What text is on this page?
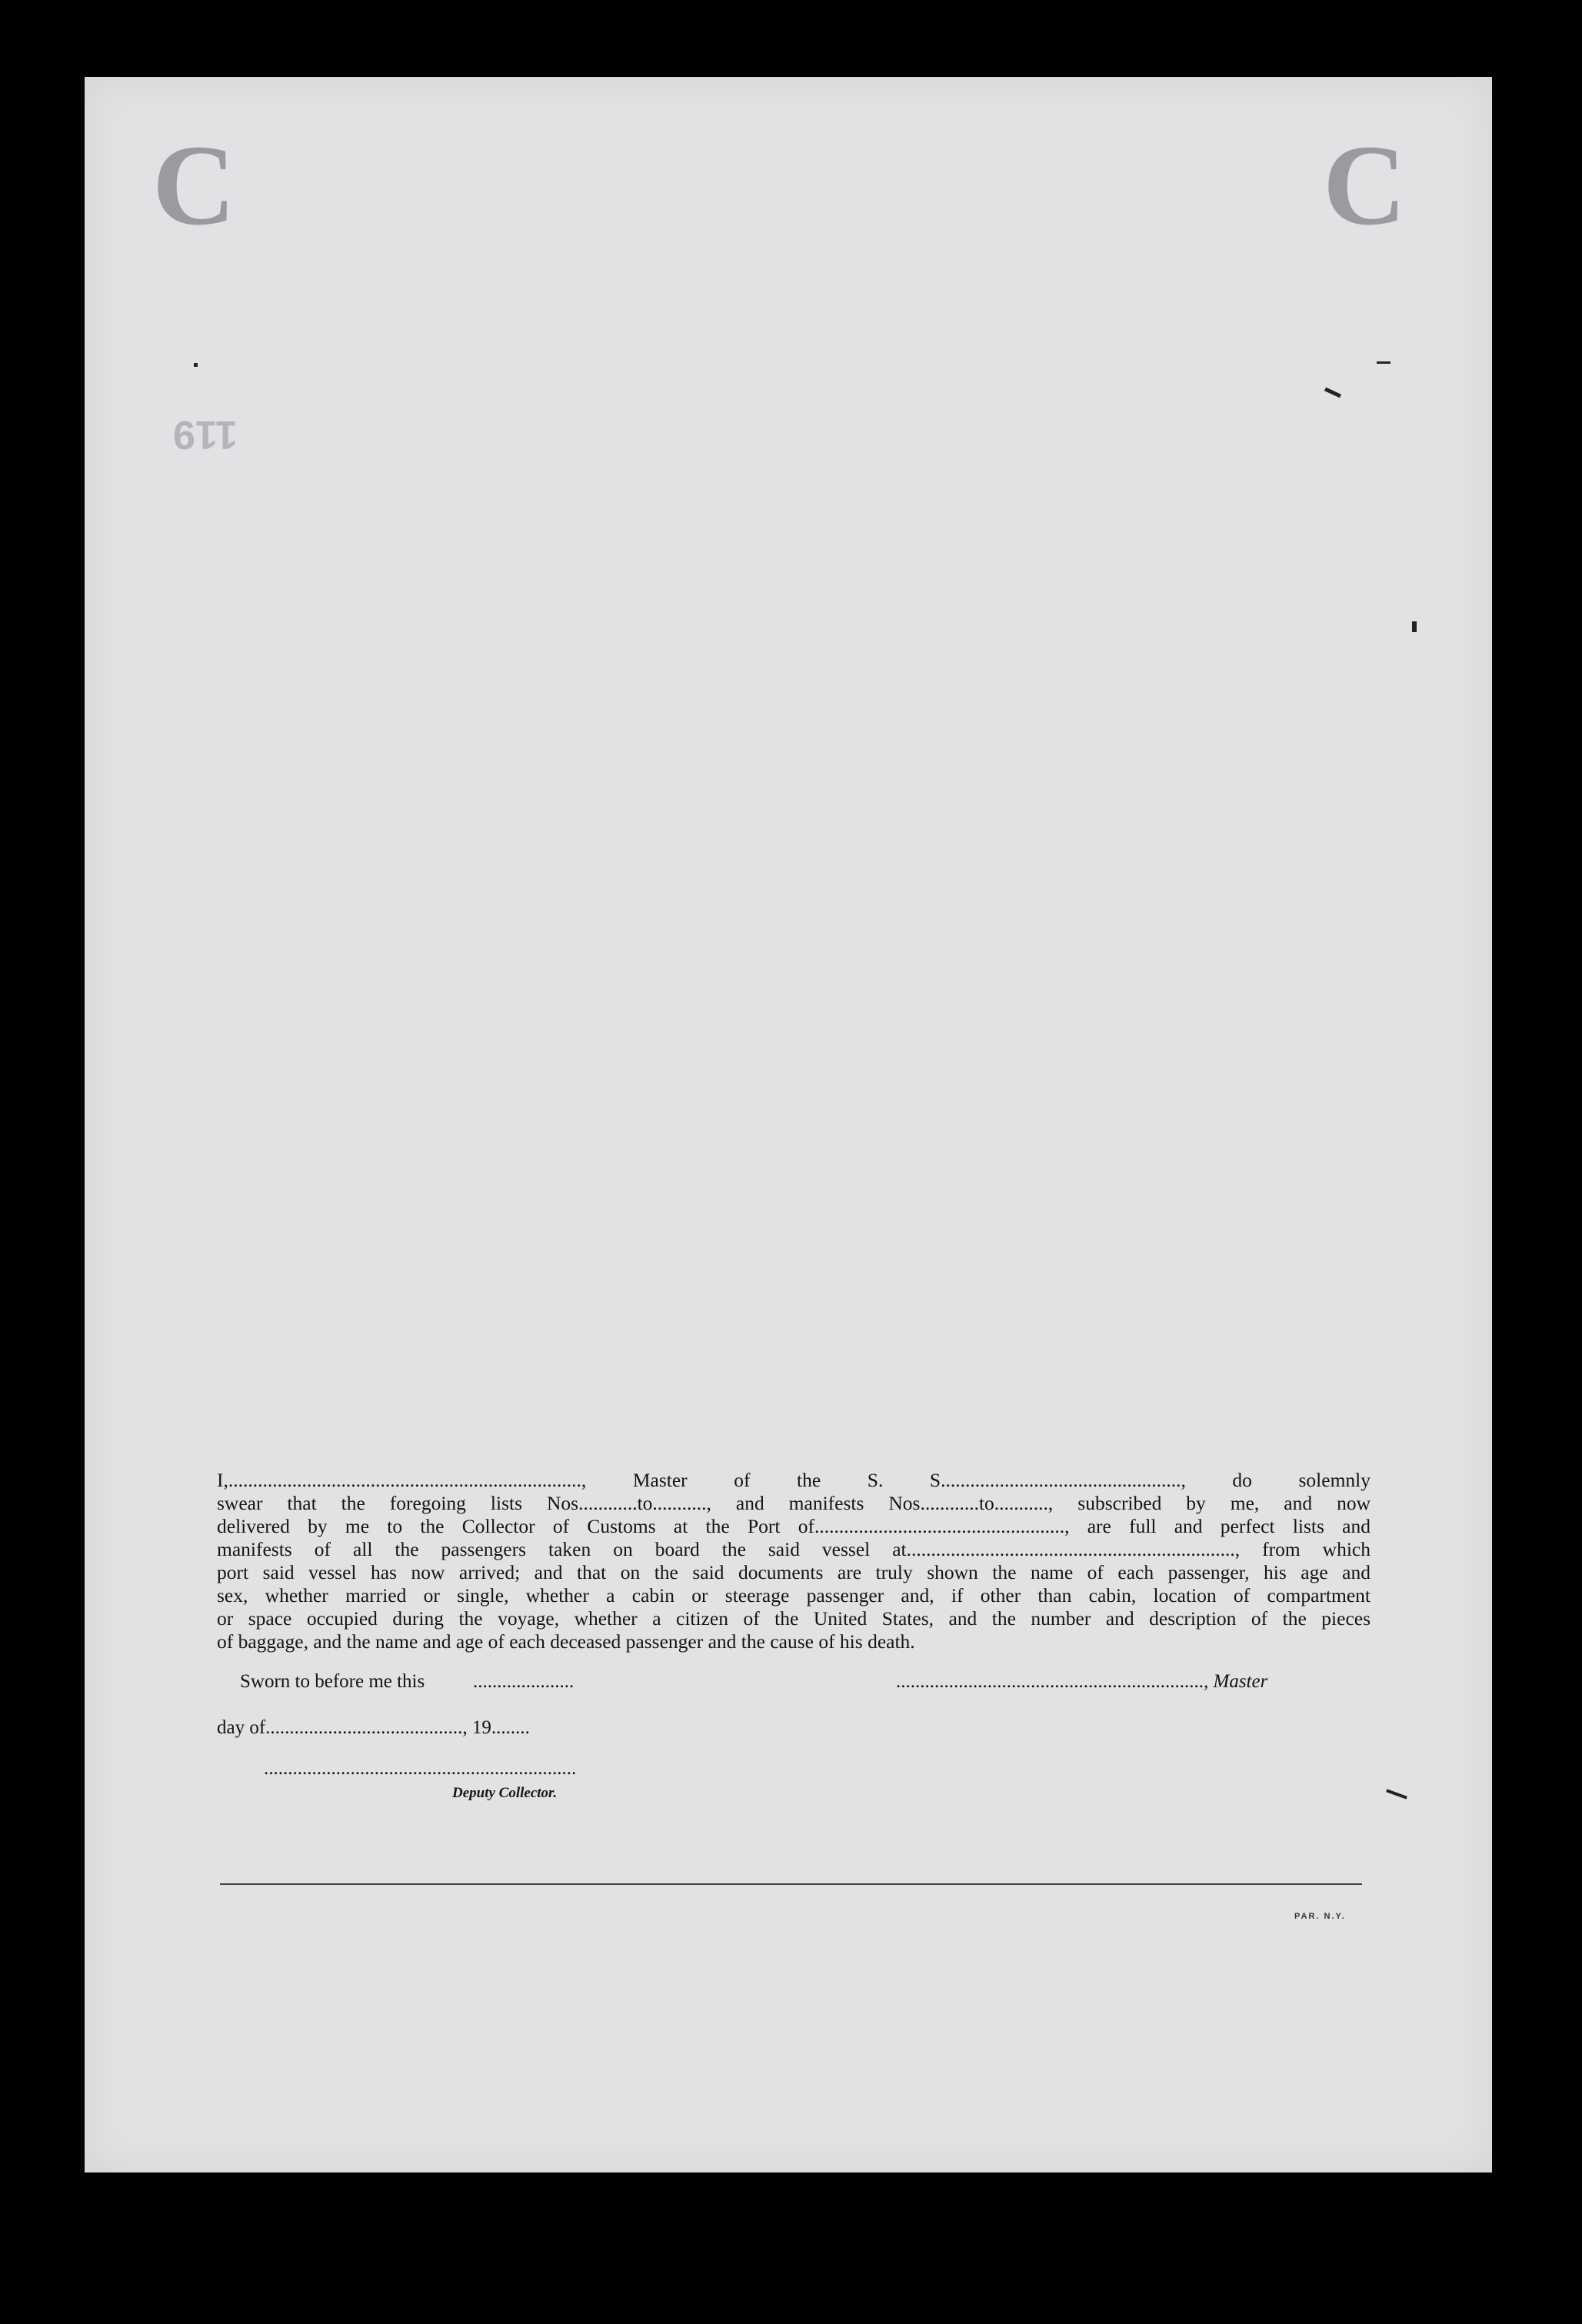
C	C
119
I,........................................................................, Master of the S. S................................................., do solemnly
swear that the foregoing lists Nos............to..........., and manifests Nos............to..........., subscribed by me, and now
delivered by me to the Collector of Customs at the Port of..................................................., are full and perfect lists and
manifests of all the passengers taken on board the said vessel at..................................................................., from which
port said vessel has now arrived; and that on the said documents are truly shown the name of each passenger, his age and
sex, whether married or single, whether a cabin or steerage passenger and, if other than cabin, location of compartment
or space occupied during the voyage, whether a citizen of the United States, and the number and description of the pieces
of baggage, and the name and age of each deceased passenger and the cause of his death.
Sworn to before me this	.....................	................................................................, Master
day of........................................., 19........
.................................................................
Deputy Collector.
PAR. N.Y.
